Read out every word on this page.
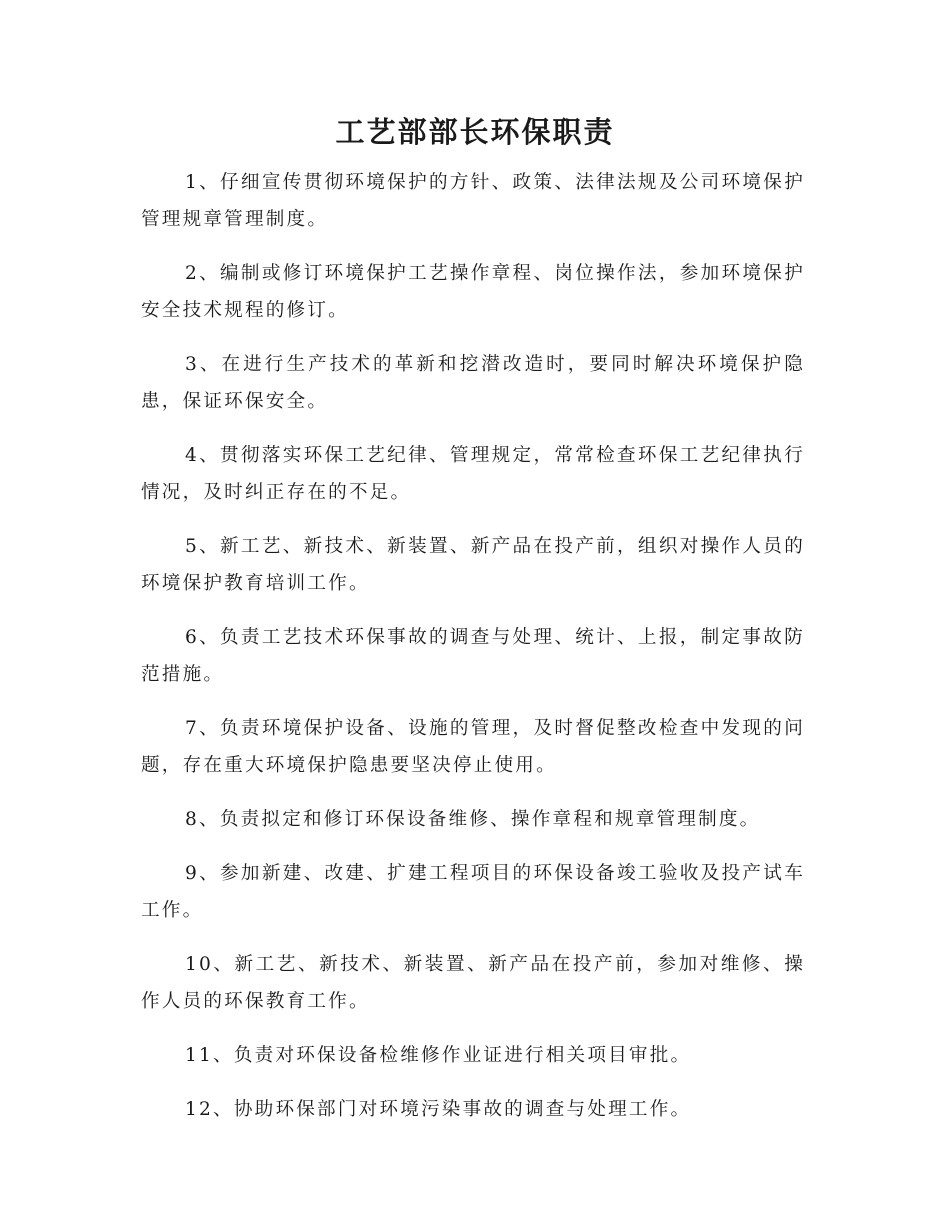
工艺部部长环保职责

1、仔细宣传贯彻环境保护的方针、政策、法律法规及公司环境保护管理规章管理制度。

2、编制或修订环境保护工艺操作章程、岗位操作法，参加环境保护安全技术规程的修订。

3、在进行生产技术的革新和挖潜改造时，要同时解决环境保护隐患，保证环保安全。

4、贯彻落实环保工艺纪律、管理规定，常常检查环保工艺纪律执行情况，及时纠正存在的不足。

5、新工艺、新技术、新装置、新产品在投产前，组织对操作人员的环境保护教育培训工作。

6、负责工艺技术环保事故的调查与处理、统计、上报，制定事故防范措施。

7、负责环境保护设备、设施的管理，及时督促整改检查中发现的问题，存在重大环境保护隐患要坚决停止使用。

8、负责拟定和修订环保设备维修、操作章程和规章管理制度。

9、参加新建、改建、扩建工程项目的环保设备竣工验收及投产试车工作。

10、新工艺、新技术、新装置、新产品在投产前，参加对维修、操作人员的环保教育工作。

11、负责对环保设备检维修作业证进行相关项目审批。

12、协助环保部门对环境污染事故的调查与处理工作。
